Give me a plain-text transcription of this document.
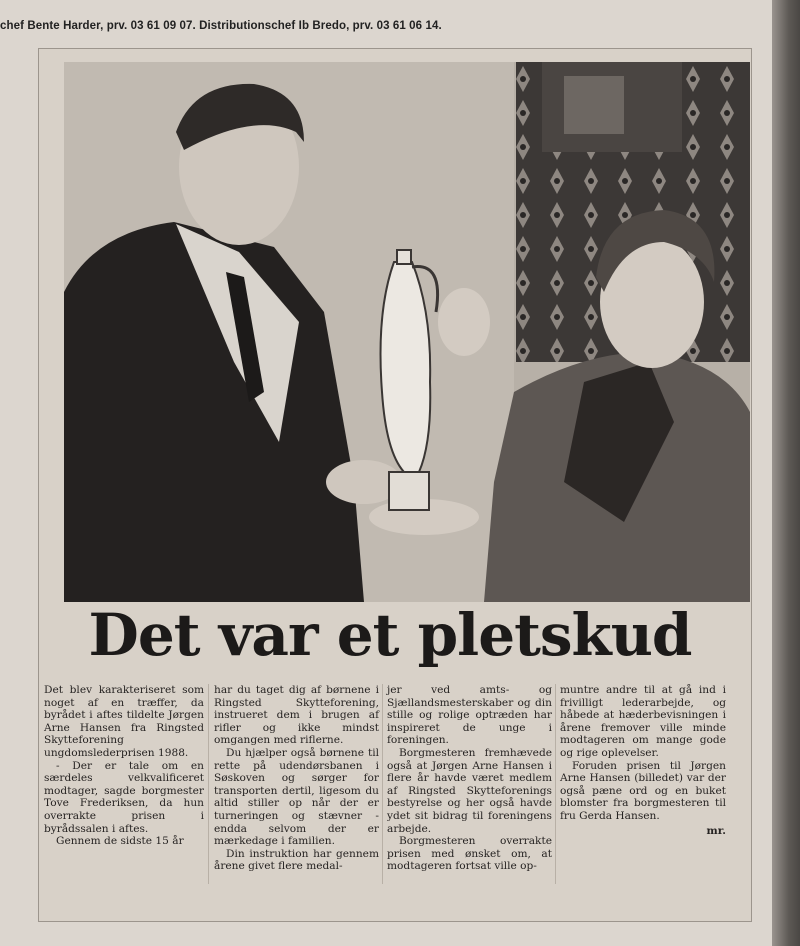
chef Bente Harder, prv. 03 61 09 07. Distributionschef Ib Bredo, prv. 03 61 06 14.
Det var et pletskud

Det blev karakteriseret som noget af en træffer, da byrådet i aftes tildelte Jørgen Arne Hansen fra Ringsted Skytteforening ungdomslederprisen 1988.

- Der er tale om en særdeles velkvalificeret modtager, sagde borgmester Tove Frederiksen, da hun overrakte prisen i byrådssalen i aftes.

Gennem de sidste 15 år

har du taget dig af børnene i Ringsted Skytteforening, instrueret dem i brugen af rifler og ikke mindst omgangen med riflerne.

Du hjælper også børnene til rette på udendørsbanen i Søskoven og sørger for transporten dertil, ligesom du altid stiller op når der er turneringen og stævner - endda selvom der er mærkedage i familien.

Din instruktion har gennem årene givet flere medal-

jer ved amts- og Sjællandsmesterskaber og din stille og rolige optræden har inspireret de unge i foreningen.

Borgmesteren fremhævede også at Jørgen Arne Hansen i flere år havde været medlem af Ringsted Skytteforenings bestyrelse og her også havde ydet sit bidrag til foreningens arbejde.

Borgmesteren overrakte prisen med ønsket om, at modtageren fortsat ville op-

muntre andre til at gå ind i frivilligt lederarbejde, og håbede at hæderbevisningen i årene fremover ville minde modtageren om mange gode og rige oplevelser.

Foruden prisen til Jørgen Arne Hansen (billedet) var der også pæne ord og en buket blomster fra borgmesteren til fru Gerda Hansen.

mr.
